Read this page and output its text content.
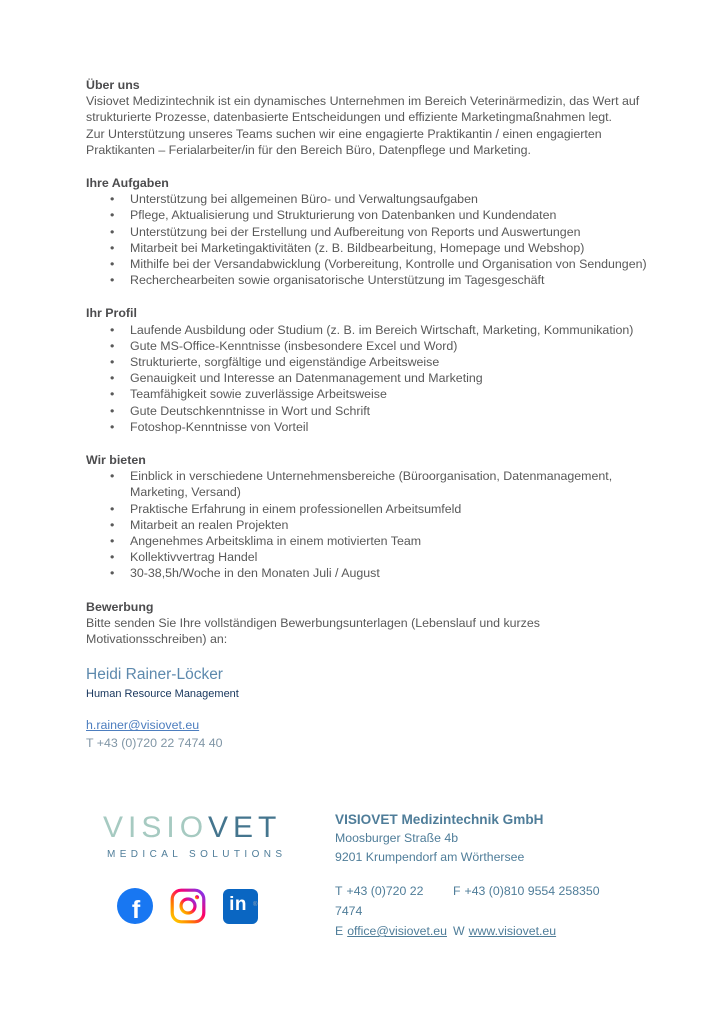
Über uns

Visiovet Medizintechnik ist ein dynamisches Unternehmen im Bereich Veterinärmedizin, das Wert auf strukturierte Prozesse, datenbasierte Entscheidungen und effiziente Marketingmaßnahmen legt.

Zur Unterstützung unseres Teams suchen wir eine engagierte Praktikantin / einen engagierten Praktikanten – Ferialarbeiter/in für den Bereich Büro, Datenpflege und Marketing.

Ihre Aufgaben
• Unterstützung bei allgemeinen Büro- und Verwaltungsaufgaben
• Pflege, Aktualisierung und Strukturierung von Datenbanken und Kundendaten
• Unterstützung bei der Erstellung und Aufbereitung von Reports und Auswertungen
• Mitarbeit bei Marketingaktivitäten (z. B. Bildbearbeitung, Homepage und Webshop)
• Mithilfe bei der Versandabwicklung (Vorbereitung, Kontrolle und Organisation von Sendungen)
• Recherchearbeiten sowie organisatorische Unterstützung im Tagesgeschäft
Ihr Profil
• Laufende Ausbildung oder Studium (z. B. im Bereich Wirtschaft, Marketing, Kommunikation)
• Gute MS-Office-Kenntnisse (insbesondere Excel und Word)
• Strukturierte, sorgfältige und eigenständige Arbeitsweise
• Genauigkeit und Interesse an Datenmanagement und Marketing
• Teamfähigkeit sowie zuverlässige Arbeitsweise
• Gute Deutschkenntnisse in Wort und Schrift
• Fotoshop-Kenntnisse von Vorteil
Wir bieten
• Einblick in verschiedene Unternehmensbereiche (Büroorganisation, Datenmanagement, Marketing, Versand)
• Praktische Erfahrung in einem professionellen Arbeitsumfeld
• Mitarbeit an realen Projekten
• Angenehmes Arbeitsklima in einem motivierten Team
• Kollektivvertrag Handel
• 30-38,5h/Woche in den Monaten Juli / August
Bewerbung

Bitte senden Sie Ihre vollständigen Bewerbungsunterlagen (Lebenslauf und kurzes Motivationsschreiben) an:

Heidi Rainer-Löcker
Human Resource Management
h.rainer@visiovet.eu
T +43 (0)720 22 7474 40
VISIOVET
MEDICAL SOLUTIONS
f	in ®
VISIOVET Medizintechnik GmbH
Moosburger Straße 4b
9201 Krumpendorf am Wörthersee
T +43 (0)720 22 7474
F +43 (0)810 9554 258350
E office@visiovet.eu W www.visiovet.eu
